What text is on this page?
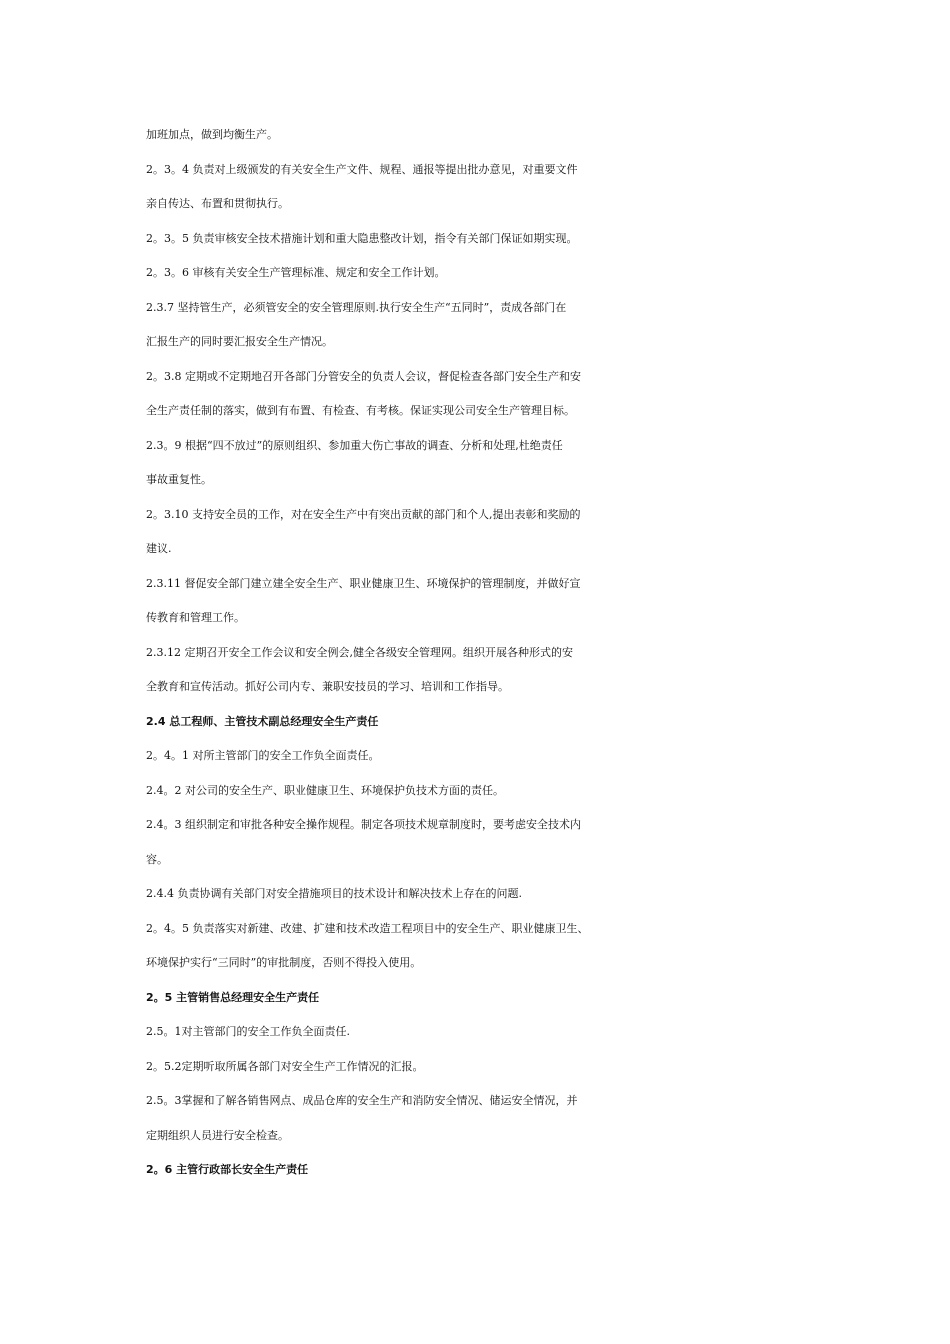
加班加点，做到均衡生产。
2。3。4 负责对上级颁发的有关安全生产文件、规程、通报等提出批办意见，对重要文件
亲自传达、布置和贯彻执行。
2。3。5 负责审核安全技术措施计划和重大隐患整改计划，指令有关部门保证如期实现。
2。3。6 审核有关安全生产管理标准、规定和安全工作计划。
2.3.7 坚持管生产，必须管安全的安全管理原则.执行安全生产“五同时”，责成各部门在
汇报生产的同时要汇报安全生产情况。
2。3.8 定期或不定期地召开各部门分管安全的负责人会议，督促检查各部门安全生产和安
全生产责任制的落实，做到有布置、有检查、有考核。保证实现公司安全生产管理目标。
2.3。9 根据“四不放过”的原则组织、参加重大伤亡事故的调查、分析和处理,杜绝责任
事故重复性。
2。3.10 支持安全员的工作，对在安全生产中有突出贡献的部门和个人,提出表彰和奖励的
建议.
2.3.11 督促安全部门建立建全安全生产、职业健康卫生、环境保护的管理制度，并做好宣
传教育和管理工作。
2.3.12 定期召开安全工作会议和安全例会,健全各级安全管理网。组织开展各种形式的安
全教育和宣传活动。抓好公司内专、兼职安技员的学习、培训和工作指导。
2.4 总工程师、主管技术副总经理安全生产责任
2。4。1 对所主管部门的安全工作负全面责任。
2.4。2 对公司的安全生产、职业健康卫生、环境保护负技术方面的责任。
2.4。3 组织制定和审批各种安全操作规程。制定各项技术规章制度时，要考虑安全技术内
容。
2.4.4 负责协调有关部门对安全措施项目的技术设计和解决技术上存在的问题.
2。4。5 负责落实对新建、改建、扩建和技术改造工程项目中的安全生产、职业健康卫生、
环境保护实行“三同时”的审批制度，否则不得投入使用。
2。5 主管销售总经理安全生产责任
2.5。1对主管部门的安全工作负全面责任.
2。5.2定期听取所属各部门对安全生产工作情况的汇报。
2.5。3掌握和了解各销售网点、成品仓库的安全生产和消防安全情况、储运安全情况，并
定期组织人员进行安全检查。
2。6 主管行政部长安全生产责任
